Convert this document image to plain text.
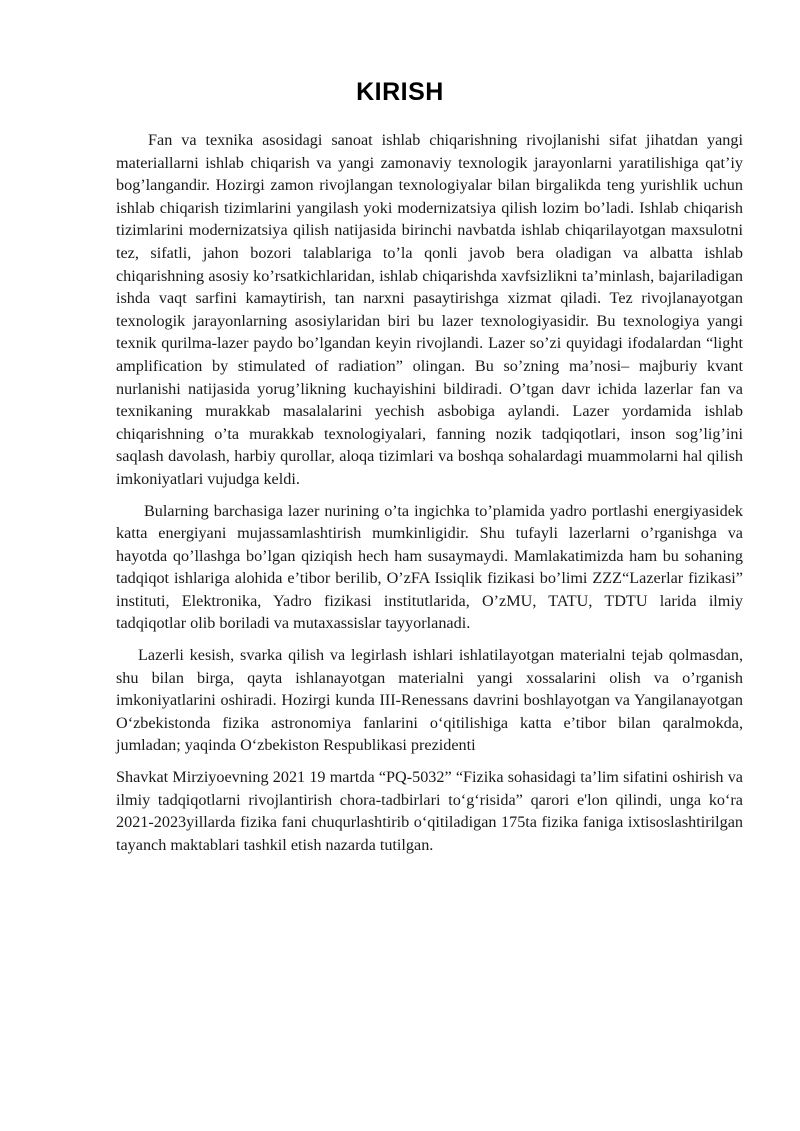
KIRISH

Fan va texnika asosidagi sanoat ishlab chiqarishning rivojlanishi sifat jihatdan yangi materiallarni ishlab chiqarish va yangi zamonaviy texnologik jarayonlarni yaratilishiga qat’iy bog’langandir. Hozirgi zamon rivojlangan texnologiyalar bilan birgalikda teng yurishlik uchun ishlab chiqarish tizimlarini yangilash yoki modernizatsiya qilish lozim bo’ladi. Ishlab chiqarish tizimlarini modernizatsiya qilish natijasida birinchi navbatda ishlab chiqarilayotgan maxsulotni tez, sifatli, jahon bozori talablariga to’la qonli javob bera oladigan va albatta ishlab chiqarishning asosiy ko’rsatkichlaridan, ishlab chiqarishda xavfsizlikni ta’minlash, bajariladigan ishda vaqt sarfini kamaytirish, tan narxni pasaytirishga xizmat qiladi. Tez rivojlanayotgan texnologik jarayonlarning asosiylaridan biri bu lazer texnologiyasidir. Bu texnologiya yangi texnik qurilma-lazer paydo bo’lgandan keyin rivojlandi. Lazer so’zi quyidagi ifodalardan “light amplification by stimulated of radiation” olingan. Bu so’zning ma’nosi– majburiy kvant nurlanishi natijasida yorug’likning kuchayishini bildiradi. O’tgan davr ichida lazerlar fan va texnikaning murakkab masalalarini yechish asbobiga aylandi. Lazer yordamida ishlab chiqarishning o’ta murakkab texnologiyalari, fanning nozik tadqiqotlari, inson sog’lig’ini saqlash davolash, harbiy qurollar, aloqa tizimlari va boshqa sohalardagi muammolarni hal qilish imkoniyatlari vujudga keldi.

Bularning barchasiga lazer nurining o’ta ingichka to’plamida yadro portlashi energiyasidek katta energiyani mujassamlashtirish mumkinligidir. Shu tufayli lazerlarni o’rganishga va hayotda qo’llashga bo’lgan qiziqish hech ham susaymaydi. Mamlakatimizda ham bu sohaning tadqiqot ishlariga alohida e’tibor berilib, O’zFA Issiqlik fizikasi bo’limi ZZZ“Lazerlar fizikasi” instituti, Elektronika, Yadro fizikasi institutlarida, O’zMU, TATU, TDTU larida ilmiy tadqiqotlar olib boriladi va mutaxassislar tayyorlanadi.

Lazerli kesish, svarka qilish va legirlash ishlari ishlatilayotgan materialni tejab qolmasdan, shu bilan birga, qayta ishlanayotgan materialni yangi xossalarini olish va o’rganish imkoniyatlarini oshiradi. Hozirgi kunda III-Renessans davrini boshlayotgan va Yangilanayotgan O‘zbekistonda fizika astronomiya fanlarini o‘qitilishiga katta e’tibor bilan qaralmokda, jumladan; yaqinda O‘zbekiston Respublikasi prezidenti

Shavkat Mirziyoevning 2021 19 martda “PQ-5032” “Fizika sohasidagi ta’lim sifatini oshirish va ilmiy tadqiqotlarni rivojlantirish chora-tadbirlari to‘g‘risida” qarori e'lon qilindi, unga ko‘ra 2021-2023yillarda fizika fani chuqurlashtirib o‘qitiladigan 175ta fizika faniga ixtisoslashtirilgan tayanch maktablari tashkil etish nazarda tutilgan.
